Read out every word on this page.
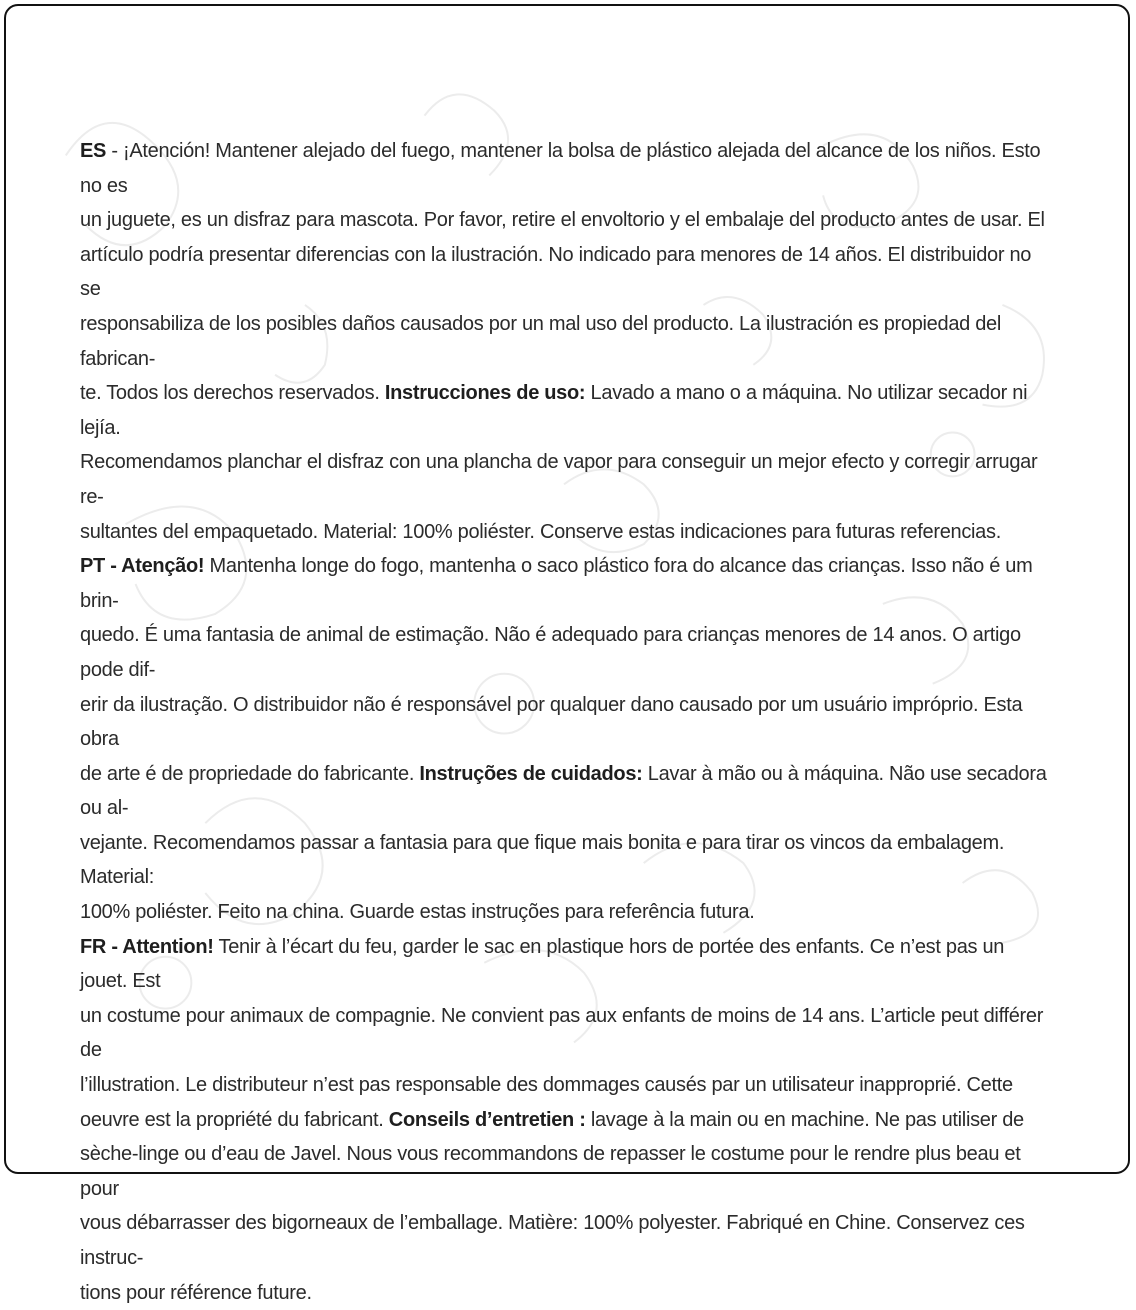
ES - ¡Atención! Mantener alejado del fuego, mantener la bolsa de plástico alejada del alcance de los niños. Esto no es
un juguete, es un disfraz para mascota. Por favor, retire el envoltorio y el embalaje del producto antes de usar. El
artículo podría presentar diferencias con la ilustración. No indicado para menores de 14 años. El distribuidor no se
responsabiliza de los posibles daños causados por un mal uso del producto. La ilustración es propiedad del fabrican-
te. Todos los derechos reservados. Instrucciones de uso: Lavado a mano o a máquina. No utilizar secador ni lejía.
Recomendamos planchar el disfraz con una plancha de vapor para conseguir un mejor efecto y corregir arrugar re-
sultantes del empaquetado. Material: 100% poliéster. Conserve estas indicaciones para futuras referencias.

PT - Atenção! Mantenha longe do fogo, mantenha o saco plástico fora do alcance das crianças. Isso não é um brin-
quedo. É uma fantasia de animal de estimação. Não é adequado para crianças menores de 14 anos. O artigo pode dif-
erir da ilustração. O distribuidor não é responsável por qualquer dano causado por um usuário impróprio. Esta obra
de arte é de propriedade do fabricante. Instruções de cuidados: Lavar à mão ou à máquina. Não use secadora ou al-
vejante. Recomendamos passar a fantasia para que fique mais bonita e para tirar os vincos da embalagem. Material:
100% poliéster. Feito na china. Guarde estas instruções para referência futura.

FR - Attention! Tenir à l’écart du feu, garder le sac en plastique hors de portée des enfants. Ce n’est pas un jouet. Est
un costume pour animaux de compagnie. Ne convient pas aux enfants de moins de 14 ans. L’article peut différer de
l’illustration. Le distributeur n’est pas responsable des dommages causés par un utilisateur inapproprié. Cette
oeuvre est la propriété du fabricant. Conseils d’entretien : lavage à la main ou en machine. Ne pas utiliser de
sèche-linge ou d’eau de Javel. Nous vous recommandons de repasser le costume pour le rendre plus beau et pour
vous débarrasser des bigorneaux de l’emballage. Matière: 100% polyester. Fabriqué en Chine. Conservez ces instruc-
tions pour référence future.
